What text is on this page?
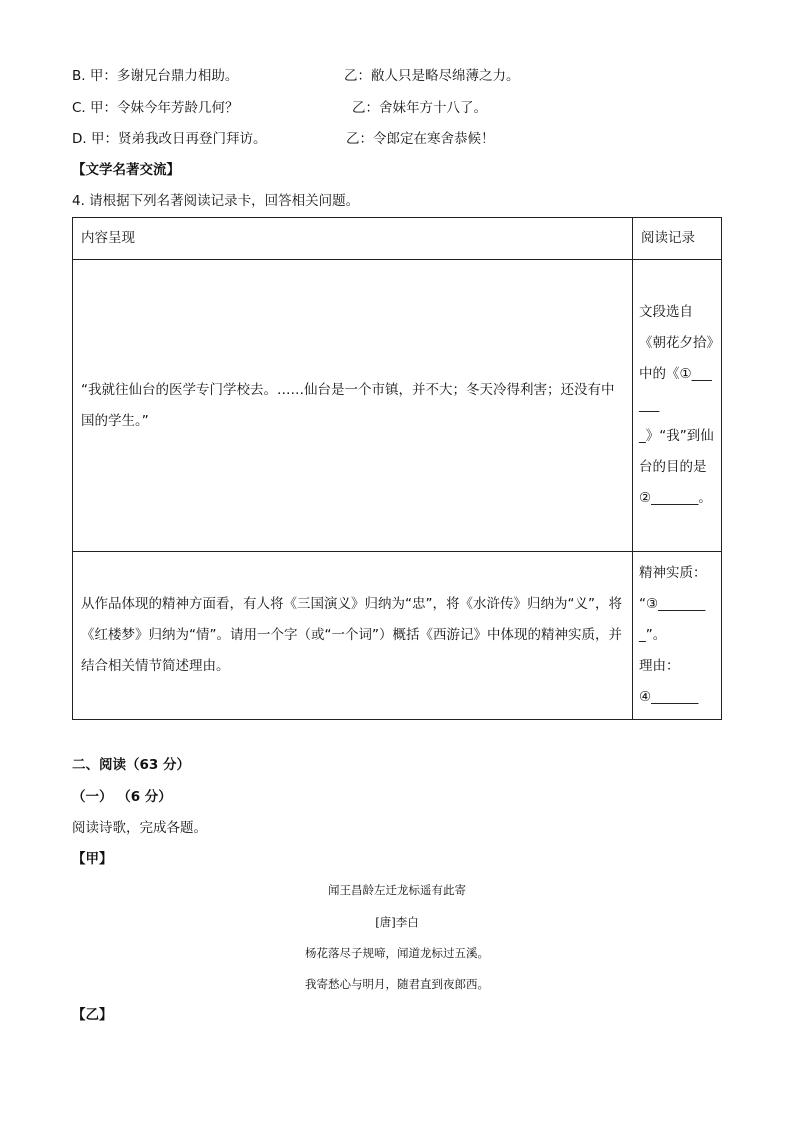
B. 甲：多谢兄台鼎力相助。	乙：敝人只是略尽绵薄之力。
C. 甲：令妹今年芳龄几何？	乙：舍妹年方十八了。
D. 甲：贤弟我改日再登门拜访。	乙：令郎定在寒舍恭候！
【文学名著交流】
4. 请根据下列名著阅读记录卡，回答相关问题。
内容呈现	阅读记录
“我就往仙台的医学专门学校去。……仙台是一个市镇，并不大；冬天冷得利害；还没有中国的学生。”	文段选自《朝花夕拾》中的《①_______》“我”到仙台的目的是②_______。
从作品体现的精神方面看，有人将《三国演义》归纳为“忠”，将《水浒传》归纳为“义”，将《红楼梦》归纳为“情”。请用一个字（或“一个词”）概括《西游记》中体现的精神实质，并结合相关情节简述理由。	精神实质：
“③_______
_”。
理由：
④_______
二、阅读（63 分）
（一） （6 分）
阅读诗歌，完成各题。
【甲】
闻王昌龄左迁龙标遥有此寄
[唐]李白
杨花落尽子规啼，闻道龙标过五溪。
我寄愁心与明月，随君直到夜郎西。
【乙】
